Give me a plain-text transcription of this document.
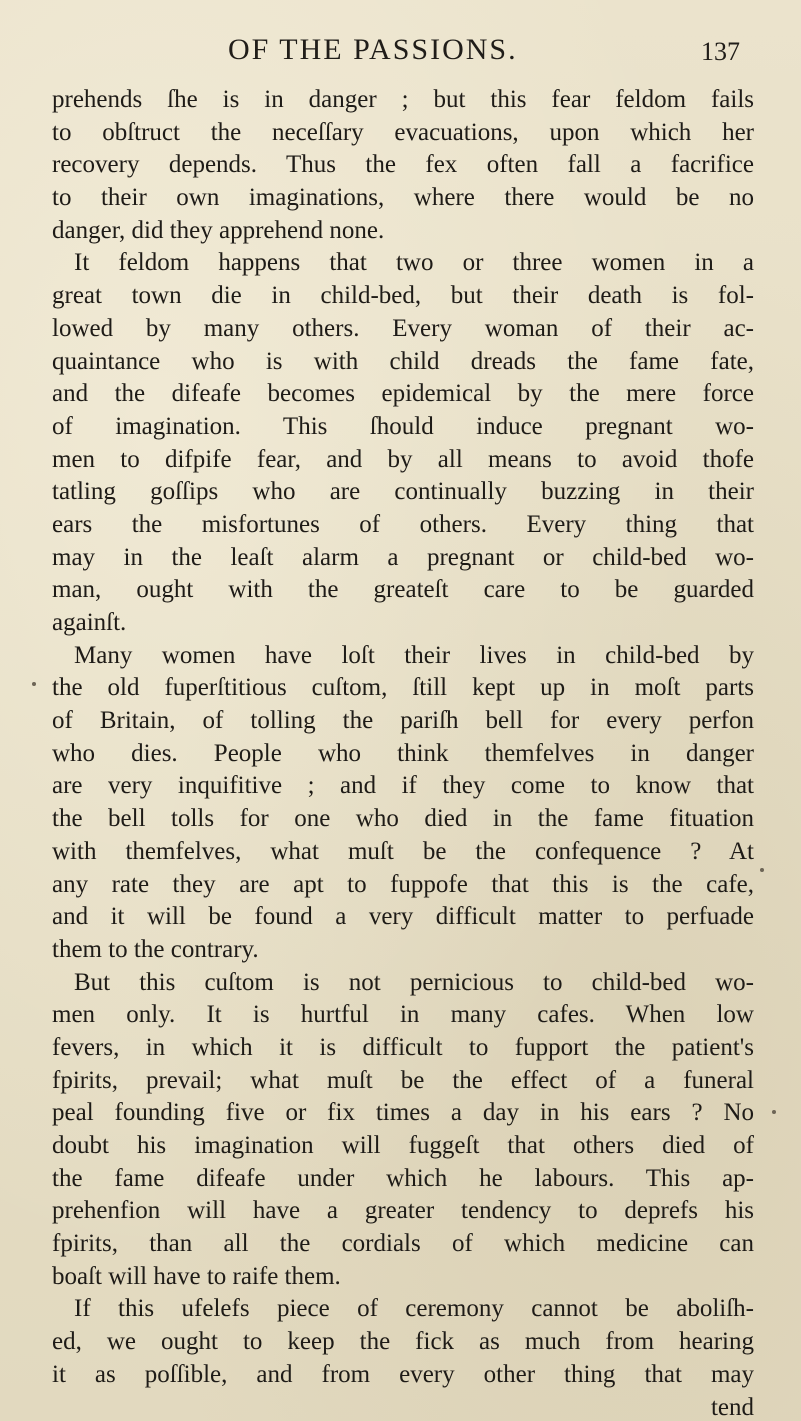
OF THE PASSIONS.	137
prehends ſhe is in danger ; but this fear feldom fails
to obſtruct the neceſſary evacuations, upon which her
recovery depends. Thus the fex often fall a facrifice
to their own imaginations, where there would be no
danger, did they apprehend none.
It feldom happens that two or three women in a
great town die in child-bed, but their death is fol-
lowed by many others. Every woman of their ac-
quaintance who is with child dreads the fame fate,
and the difeafe becomes epidemical by the mere force
of imagination. This ſhould induce pregnant wo-
men to difpife fear, and by all means to avoid thofe
tatling goſſips who are continually buzzing in their
ears the misfortunes of others. Every thing that
may in the leaſt alarm a pregnant or child-bed wo-
man, ought with the greateſt care to be guarded
againſt.
Many women have loſt their lives in child-bed by
the old fuperſtitious cuſtom, ſtill kept up in moſt parts
of Britain, of tolling the pariſh bell for every perfon
who dies. People who think themfelves in danger
are very inquifitive ; and if they come to know that
the bell tolls for one who died in the fame fituation
with themfelves, what muſt be the confequence ? At
any rate they are apt to fuppofe that this is the cafe,
and it will be found a very difficult matter to perfuade
them to the contrary.
But this cuſtom is not pernicious to child-bed wo-
men only. It is hurtful in many cafes. When low
fevers, in which it is difficult to fupport the patient's
fpirits, prevail; what muſt be the effect of a funeral
peal founding five or fix times a day in his ears ? No
doubt his imagination will fuggeſt that others died of
the fame difeafe under which he labours. This ap-
prehenfion will have a greater tendency to deprefs his
fpirits, than all the cordials of which medicine can
boaſt will have to raife them.
If this ufelefs piece of ceremony cannot be aboliſh-
ed, we ought to keep the fick as much from hearing
it as poſſible, and from every other thing that may
tend
